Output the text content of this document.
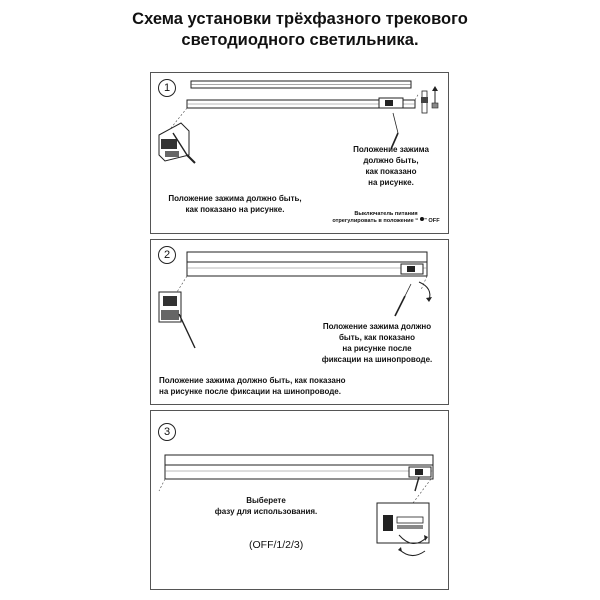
Схема установки трёхфазного трекового
светодиодного светильника.
1
Положение зажима
должно быть,
как показано
на рисунке.
Положение зажима должно быть,
как показано на рисунке.	Выключатель питания
отрегулировать в положение “ ” OFF
2
Положение зажима должно
быть, как показано
на рисунке после
фиксации на шинопроводе.
Положение зажима должно быть, как показано
на рисунке после фиксации на шинопроводе.
3
Выберете
фазу для использования.
(OFF/1/2/3)
